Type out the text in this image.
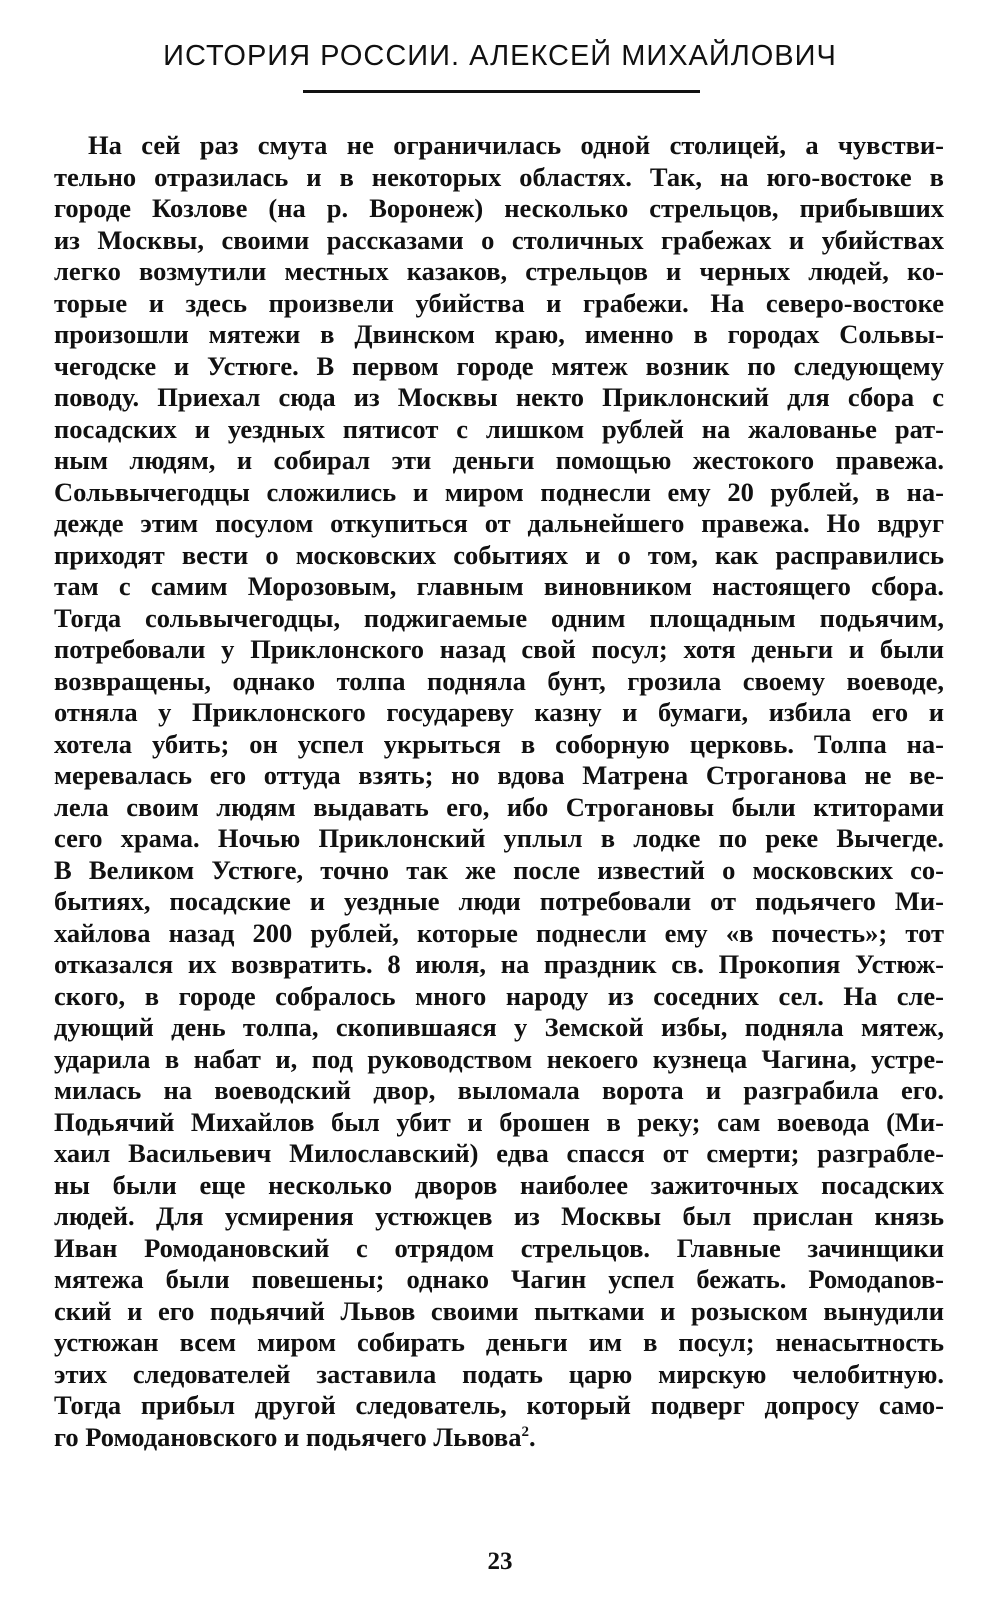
ИСТОРИЯ РОССИИ. АЛЕКСЕЙ МИХАЙЛОВИЧ
На сей раз смута не ограничилась одной столицей, а чувстви-
тельно отразилась и в некоторых областях. Так, на юго-востоке в
городе Козлове (на р. Воронеж) несколько стрельцов, прибывших
из Москвы, своими рассказами о столичных грабежах и убийствах
легко возмутили местных казаков, стрельцов и черных людей, ко-
торые и здесь произвели убийства и грабежи. На северо-востоке
произошли мятежи в Двинском краю, именно в городах Сольвы-
чегодске и Устюге. В первом городе мятеж возник по следующему
поводу. Приехал сюда из Москвы некто Приклонский для сбора с
посадских и уездных пятисот с лишком рублей на жалованье рат-
ным людям, и собирал эти деньги помощью жестокого правежа.
Сольвычегодцы сложились и миром поднесли ему 20 рублей, в на-
дежде этим посулом откупиться от дальнейшего правежа. Но вдруг
приходят вести о московских событиях и о том, как расправились
там с самим Морозовым, главным виновником настоящего сбора.
Тогда сольвычегодцы, поджигаемые одним площадным подьячим,
потребовали у Приклонского назад свой посул; хотя деньги и были
возвращены, однако толпа подняла бунт, грозила своему воеводе,
отняла у Приклонского государеву казну и бумаги, избила его и
хотела убить; он успел укрыться в соборную церковь. Толпа на-
меревалась его оттуда взять; но вдова Матрена Строганова не ве-
лела своим людям выдавать его, ибо Строгановы были ктиторами
сего храма. Ночью Приклонский уплыл в лодке по реке Вычегде.
В Великом Устюге, точно так же после известий о московских со-
бытиях, посадские и уездные люди потребовали от подьячего Ми-
хайлова назад 200 рублей, которые поднесли ему «в почесть»; тот
отказался их возвратить. 8 июля, на праздник св. Прокопия Устюж-
ского, в городе собралось много народу из соседних сел. На сле-
дующий день толпа, скопившаяся у Земской избы, подняла мятеж,
ударила в набат и, под руководством некоего кузнеца Чагина, устре-
милась на воеводский двор, выломала ворота и разграбила его.
Подьячий Михайлов был убит и брошен в реку; сам воевода (Ми-
хаил Васильевич Милославский) едва спасся от смерти; разграбле-
ны были еще несколько дворов наиболее зажиточных посадских
людей. Для усмирения устюжцев из Москвы был прислан князь
Иван Ромодановский с отрядом стрельцов. Главные зачинщики
мятежа были повешены; однако Чагин успел бежать. Ромодanов-
ский и его подьячий Львов своими пытками и розыском вынудили
устюжан всем миром собирать деньги им в посул; ненасытность
этих следователей заставила подать царю мирскую челобитную.
Тогда прибыл другой следователь, который подверг допросу само-
го Ромодановского и подьячего Львова$^2$.
23
